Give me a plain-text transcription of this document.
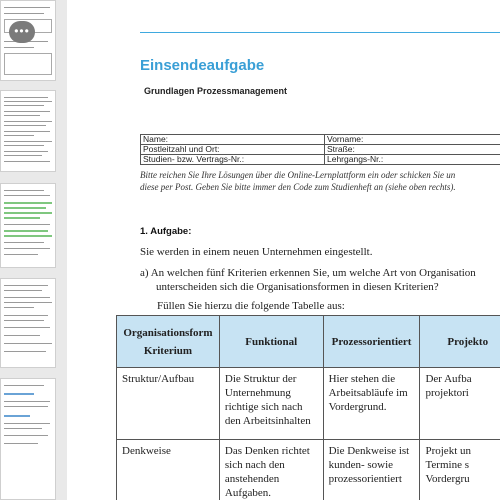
•••
Einsendeaufgabe
Grundlagen Prozessmanagement
Name:	Vorname:
Postleitzahl und Ort:	Straße:
Studien- bzw. Vertrags-Nr.:	Lehrgangs-Nr.:
Bitte reichen Sie Ihre Lösungen über die Online-Lernplattform ein oder schicken Sie un
diese per Post. Geben Sie bitte immer den Code zum Studienheft an (siehe oben rechts).
1. Aufgabe:
Sie werden in einem neuen Unternehmen eingestellt.
a) An welchen fünf Kriterien erkennen Sie, um welche Art von Organisation
unterscheiden sich die Organisationsformen in diesen Kriterien?
Füllen Sie hierzu die folgende Tabelle aus:
Organisationsform
Kriterium	Funktional	Prozessorientiert	Projekto
Struktur/Aufbau	Die Struktur der Unternehmung richtige sich nach den Arbeitsinhalten	Hier stehen die Arbeitsabläufe im Vordergrund.	Der Aufba projektori
Denkweise	Das Denken richtet sich nach den anstehenden Aufgaben.	Die Denkweise ist kunden- sowie prozessorientiert	Projekt un Termine s Vordergru
